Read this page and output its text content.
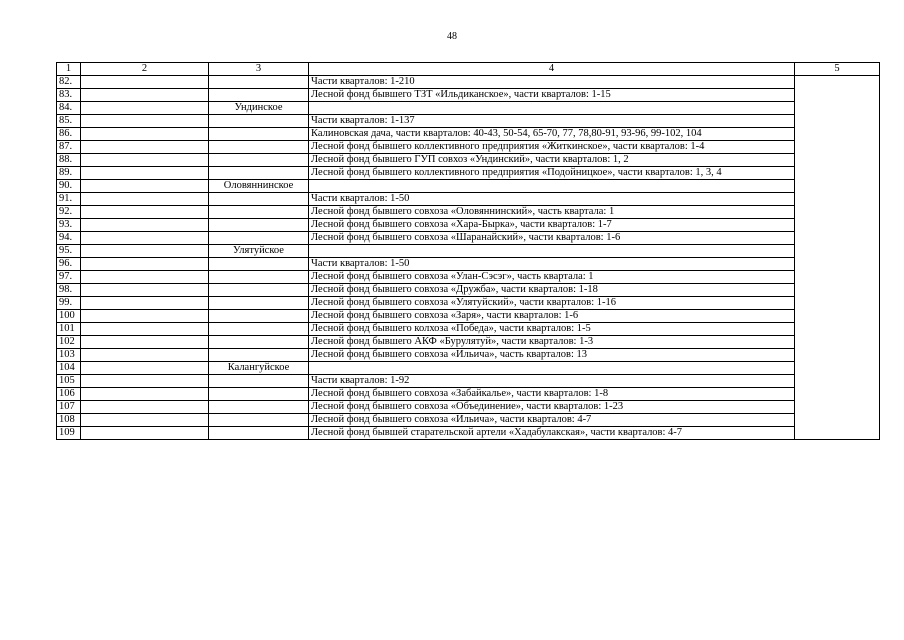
48
1	2	3	4	5
82.			Части кварталов: 1-210	
83.			Лесной фонд бывшего ТЗТ «Ильдиканское», части кварталов: 1-15	
84.		Ундинское		
85.			Части кварталов: 1-137	
86.			Калиновская дача, части кварталов: 40-43, 50-54, 65-70, 77, 78,80-91, 93-96, 99-102, 104	
87.			Лесной фонд бывшего коллективного предприятия «Житкинское», части кварталов: 1-4	
88.			Лесной фонд бывшего ГУП совхоз «Ундинский», части кварталов: 1, 2	
89.			Лесной фонд бывшего коллективного предприятия «Подойницкое», части кварталов: 1, 3, 4	
90.		Оловяннинское		
91.			Части кварталов: 1-50	
92.			Лесной фонд бывшего совхоза «Оловяннинский», часть квартала: 1	
93.			Лесной фонд бывшего совхоза «Хара-Бырка», части кварталов: 1-7	
94.			Лесной фонд бывшего совхоза «Шаранайский», части кварталов: 1-6	
95.		Улятуйское		
96.			Части кварталов: 1-50	
97.			Лесной фонд бывшего совхоза «Улан-Сэсэг», часть квартала: 1	
98.			Лесной фонд бывшего совхоза «Дружба», части кварталов: 1-18	
99.			Лесной фонд бывшего совхоза «Улятуйский», части кварталов: 1-16	
100			Лесной фонд бывшего совхоза «Заря», части кварталов: 1-6	
101			Лесной фонд бывшего колхоза «Победа», части кварталов: 1-5	
102			Лесной фонд бывшего АКФ «Бурулятуй», части кварталов: 1-3	
103			Лесной фонд бывшего совхоза «Ильича», часть кварталов: 13	
104		Калангуйское		
105			Части кварталов: 1-92	
106			Лесной фонд бывшего совхоза «Забайкалье», части кварталов: 1-8	
107			Лесной фонд бывшего совхоза «Объединение», части кварталов: 1-23	
108			Лесной фонд бывшего совхоза «Ильича», части кварталов: 4-7	
109			Лесной фонд бывшей старательской артели «Хадабулакская», части кварталов: 4-7	
